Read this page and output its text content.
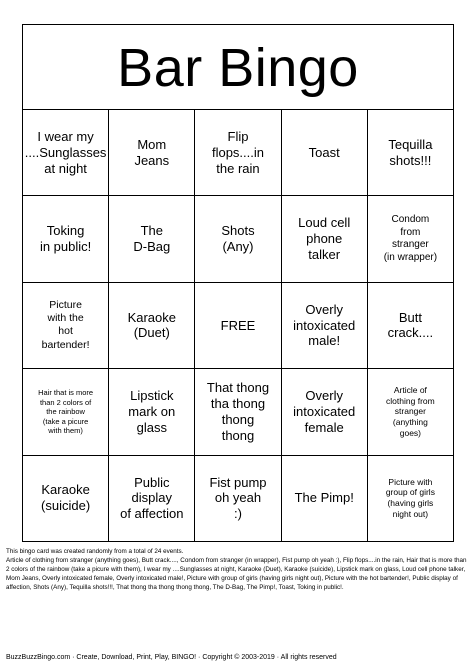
Bar Bingo
I wear my
....Sunglasses
at night
Mom
Jeans
Flip
flops....in
the rain
Toast
Tequilla
shots!!!
Toking
in public!
The
D-Bag
Shots
(Any)
Loud cell
phone
talker
Condom
from
stranger
(in wrapper)
Picture
with the
hot
bartender!
Karaoke
(Duet)
FREE
Overly
intoxicated
male!
Butt
crack....
Hair that is more
than 2 colors of
the rainbow
(take a picure
with them)
Lipstick
mark on
glass
That thong
tha thong
thong
thong
Overly
intoxicated
female
Article of
clothing from
stranger
(anything
goes)
Karaoke
(suicide)
Public
display
of affection
Fist pump
oh yeah
:)
The Pimp!
Picture with
group of girls
(having girls
night out)

This bingo card was created randomly from a total of 24 events.

Article of clothing from stranger (anything goes), Butt crack...., Condom from stranger (in wrapper), Fist pump oh yeah :), Flip flops....in the rain, Hair that is more than 2 colors of the rainbow (take a picure with them), I wear my ....Sunglasses at night, Karaoke (Duet), Karaoke (suicide), Lipstick mark on glass, Loud cell phone talker, Mom Jeans, Overly intoxicated female, Overly intoxicated male!, Picture with group of girls (having girls night out), Picture with the hot bartender!, Public display of affection, Shots (Any), Tequilla shots!!!, That thong tha thong thong thong, The D-Bag, The Pimp!, Toast, Toking in public!.

BuzzBuzzBingo.com · Create, Download, Print, Play, BINGO! · Copyright © 2003-2019 · All rights reserved
